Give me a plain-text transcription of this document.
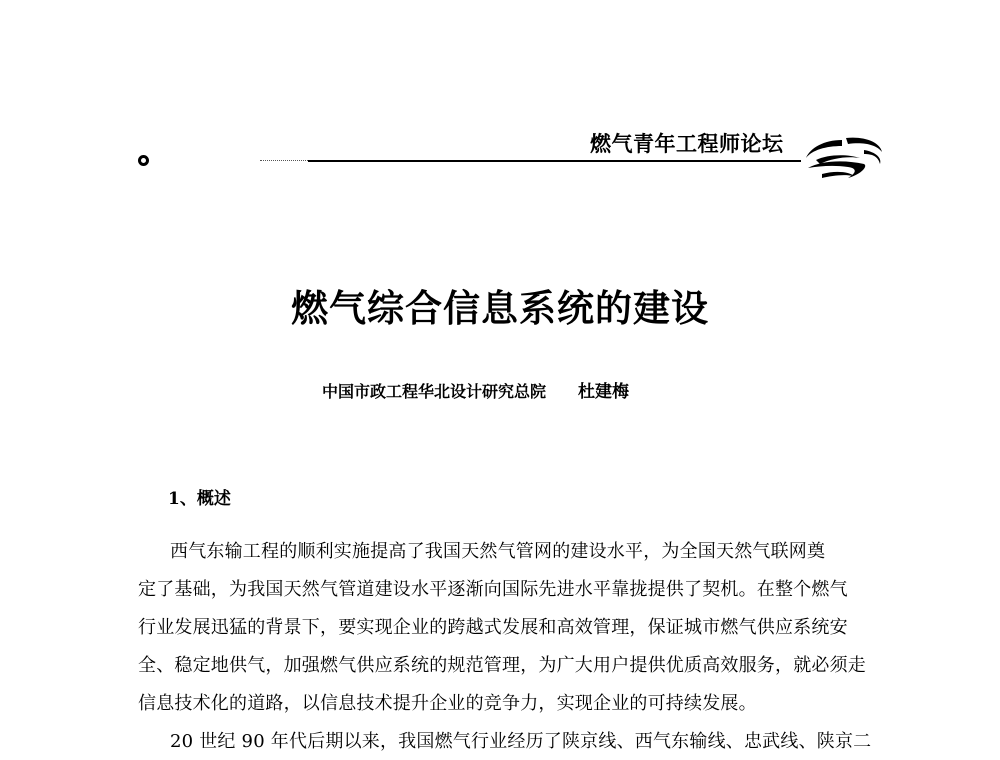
燃气青年工程师论坛
燃气综合信息系统的建设
中国市政工程华北设计研究总院 杜建梅
1、概述
西气东输工程的顺利实施提高了我国天然气管网的建设水平，为全国天然气联网奠
定了基础，为我国天然气管道建设水平逐渐向国际先进水平靠拢提供了契机。在整个燃气
行业发展迅猛的背景下，要实现企业的跨越式发展和高效管理，保证城市燃气供应系统安
全、稳定地供气，加强燃气供应系统的规范管理，为广大用户提供优质高效服务，就必须走
信息技术化的道路，以信息技术提升企业的竞争力，实现企业的可持续发展。
20 世纪 90 年代后期以来，我国燃气行业经历了陕京线、西气东输线、忠武线、陕京二
